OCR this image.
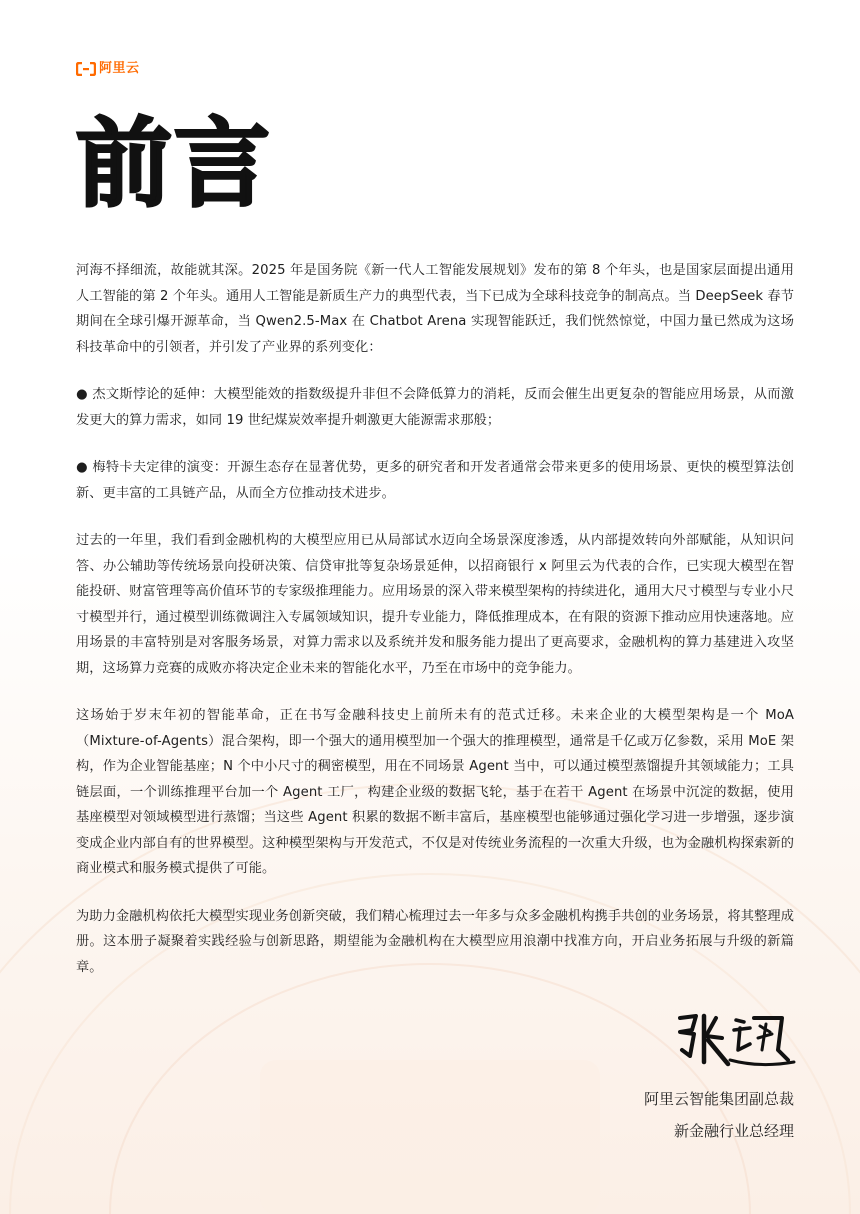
阿里云
前言

河海不择细流，故能就其深。2025 年是国务院《新一代人工智能发展规划》发布的第 8 个年头，也是国家层面提出通用人工智能的第 2 个年头。通用人工智能是新质生产力的典型代表，当下已成为全球科技竞争的制高点。当 DeepSeek 春节期间在全球引爆开源革命，当 Qwen2.5-Max 在 Chatbot Arena 实现智能跃迁，我们恍然惊觉，中国力量已然成为这场科技革命中的引领者，并引发了产业界的系列变化：

● 杰文斯悖论的延伸：大模型能效的指数级提升非但不会降低算力的消耗，反而会催生出更复杂的智能应用场景，从而激发更大的算力需求，如同 19 世纪煤炭效率提升刺激更大能源需求那般；

● 梅特卡夫定律的演变：开源生态存在显著优势，更多的研究者和开发者通常会带来更多的使用场景、更快的模型算法创新、更丰富的工具链产品，从而全方位推动技术进步。

过去的一年里，我们看到金融机构的大模型应用已从局部试水迈向全场景深度渗透，从内部提效转向外部赋能，从知识问答、办公辅助等传统场景向投研决策、信贷审批等复杂场景延伸，以招商银行 x 阿里云为代表的合作，已实现大模型在智能投研、财富管理等高价值环节的专家级推理能力。应用场景的深入带来模型架构的持续进化，通用大尺寸模型与专业小尺寸模型并行，通过模型训练微调注入专属领域知识，提升专业能力，降低推理成本，在有限的资源下推动应用快速落地。应用场景的丰富特别是对客服务场景，对算力需求以及系统并发和服务能力提出了更高要求，金融机构的算力基建进入攻坚期，这场算力竞赛的成败亦将决定企业未来的智能化水平，乃至在市场中的竞争能力。

这场始于岁末年初的智能革命，正在书写金融科技史上前所未有的范式迁移。未来企业的大模型架构是一个 MoA（Mixture-of-Agents）混合架构，即一个强大的通用模型加一个强大的推理模型，通常是千亿或万亿参数，采用 MoE 架构，作为企业智能基座；N 个中小尺寸的稠密模型，用在不同场景 Agent 当中，可以通过模型蒸馏提升其领域能力；工具链层面，一个训练推理平台加一个 Agent 工厂，构建企业级的数据飞轮，基于在若干 Agent 在场景中沉淀的数据，使用基座模型对领域模型进行蒸馏；当这些 Agent 积累的数据不断丰富后，基座模型也能够通过强化学习进一步增强，逐步演变成企业内部自有的世界模型。这种模型架构与开发范式，不仅是对传统业务流程的一次重大升级，也为金融机构探索新的商业模式和服务模式提供了可能。

为助力金融机构依托大模型实现业务创新突破，我们精心梳理过去一年多与众多金融机构携手共创的业务场景，将其整理成册。这本册子凝聚着实践经验与创新思路，期望能为金融机构在大模型应用浪潮中找准方向，开启业务拓展与升级的新篇章。

阿里云智能集团副总裁
新金融行业总经理
